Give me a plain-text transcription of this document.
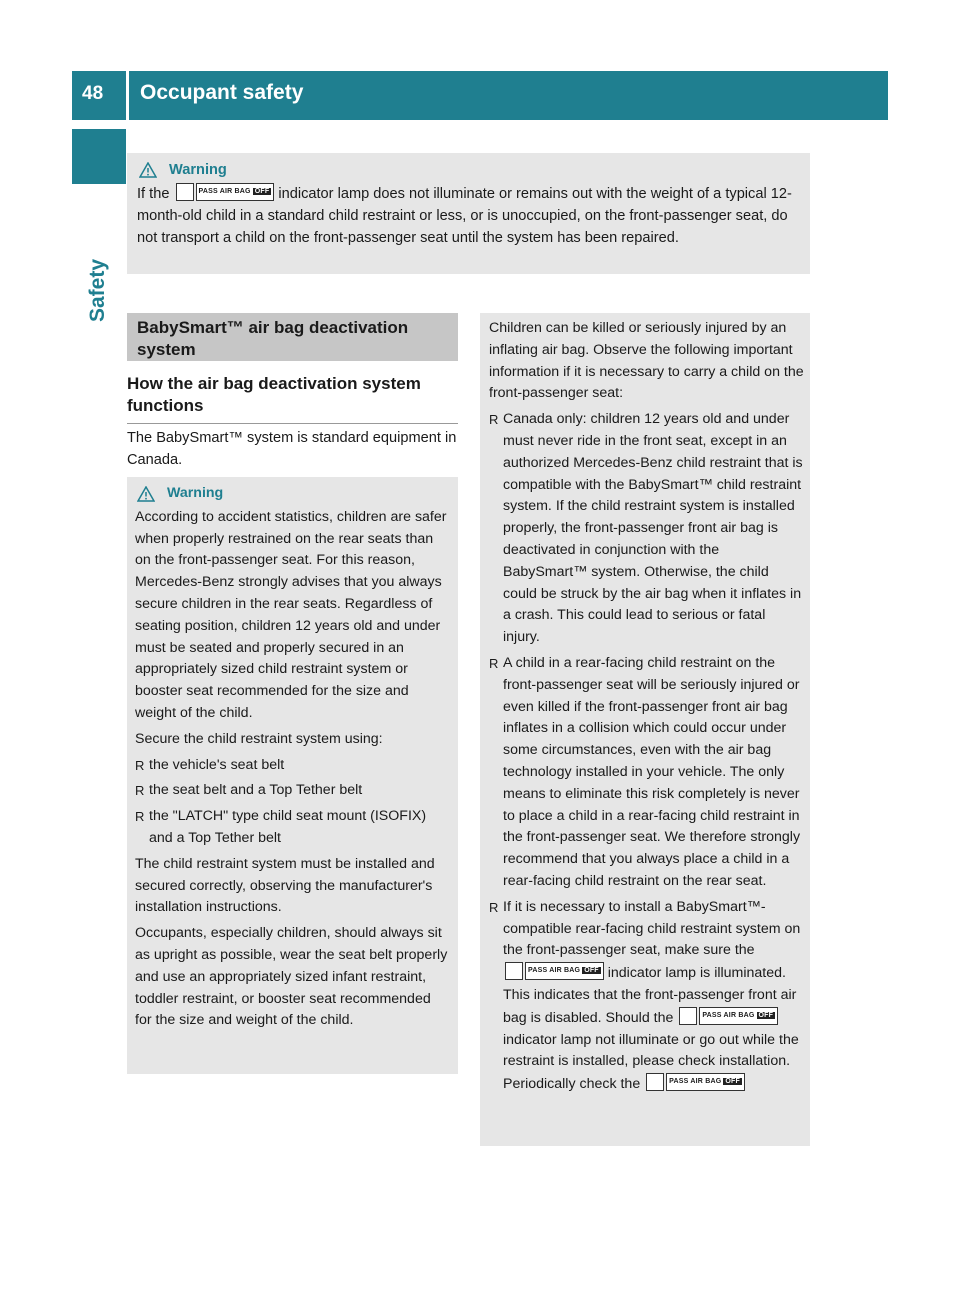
48 Occupant safety
Safety
Warning
If the	PASS AIR BAG OFF indicator lamp does not illuminate or remains out with the weight of a typical 12-month-old child in a standard child restraint or less, or is unoccupied, on the front-passenger seat, do not transport a child on the front-passenger seat until the system has been repaired.
BabySmart™ air bag deactivation system
How the air bag deactivation system functions
The BabySmart™ system is standard equipment in Canada.
Warning

According to accident statistics, children are safer when properly restrained on the rear seats than on the front-passenger seat. For this reason, Mercedes-Benz strongly advises that you always secure children in the rear seats. Regardless of seating position, children 12 years old and under must be seated and properly secured in an appropriately sized child restraint system or booster seat recommended for the size and weight of the child.

Secure the child restraint system using:

R the vehicle's seat belt
R the seat belt and a Top Tether belt
R the "LATCH" type child seat mount (ISOFIX) and a Top Tether belt

The child restraint system must be installed and secured correctly, observing the manufacturer's installation instructions.

Occupants, especially children, should always sit as upright as possible, wear the seat belt properly and use an appropriately sized infant restraint, toddler restraint, or booster seat recommended for the size and weight of the child.

Children can be killed or seriously injured by an inflating air bag. Observe the following important information if it is necessary to carry a child on the front-passenger seat:

R Canada only: children 12 years old and under must never ride in the front seat, except in an authorized Mercedes-Benz child restraint that is compatible with the BabySmart™ child restraint system. If the child restraint system is installed properly, the front-passenger front air bag is deactivated in conjunction with the BabySmart™ system. Otherwise, the child could be struck by the air bag when it inflates in a crash. This could lead to serious or fatal injury.
R A child in a rear-facing child restraint on the front-passenger seat will be seriously injured or even killed if the front-passenger front air bag inflates in a collision which could occur under some circumstances, even with the air bag technology installed in your vehicle. The only means to eliminate this risk completely is never to place a child in a rear-facing child restraint in the front-passenger seat. We therefore strongly recommend that you always place a child in a rear-facing child restraint on the rear seat.
R If it is necessary to install a BabySmart™-compatible rear-facing child restraint system on the front-passenger seat, make sure the
PASS AIR BAG OFF indicator lamp is illuminated. This indicates that the front-passenger front air bag is disabled. Should the	PASS AIR BAG OFF
indicator lamp not illuminate or go out while the restraint is installed, please check installation. Periodically check the	PASS AIR BAG OFF
